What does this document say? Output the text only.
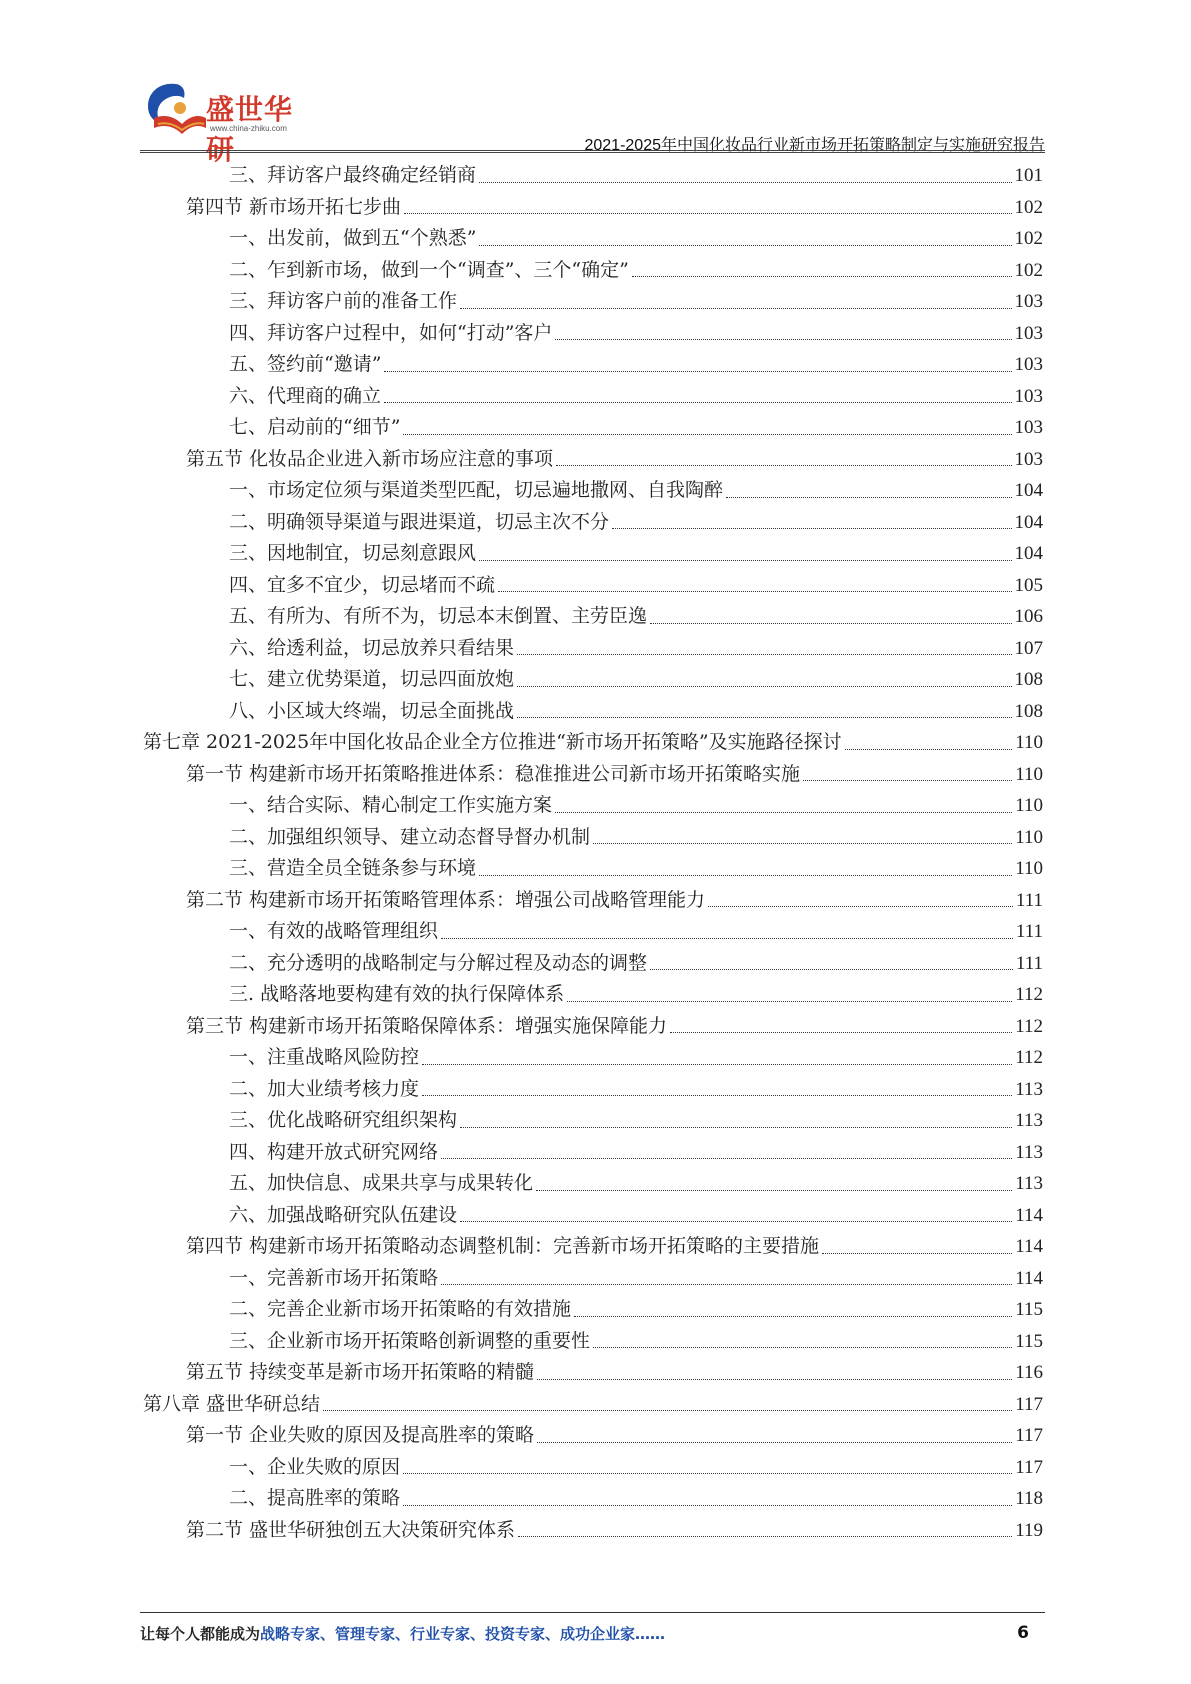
盛世华研
www.china-zhiku.com
2021-2025年中国化妆品行业新市场开拓策略制定与实施研究报告
三、拜访客户最终确定经销商	101
第四节 新市场开拓七步曲	102
一、出发前，做到五“个熟悉”	102
二、乍到新市场，做到一个“调查”、三个“确定”	102
三、拜访客户前的准备工作	103
四、拜访客户过程中，如何“打动”客户	103
五、签约前“邀请”	103
六、代理商的确立	103
七、启动前的“细节”	103
第五节 化妆品企业进入新市场应注意的事项	103
一、市场定位须与渠道类型匹配，切忌遍地撒网、自我陶醉	104
二、明确领导渠道与跟进渠道，切忌主次不分	104
三、因地制宜，切忌刻意跟风	104
四、宜多不宜少，切忌堵而不疏	105
五、有所为、有所不为，切忌本末倒置、主劳臣逸	106
六、给透利益，切忌放养只看结果	107
七、建立优势渠道，切忌四面放炮	108
八、小区域大终端，切忌全面挑战	108
第七章 2021-2025年中国化妆品企业全方位推进“新市场开拓策略”及实施路径探讨	110
第一节 构建新市场开拓策略推进体系：稳准推进公司新市场开拓策略实施	110
一、结合实际、精心制定工作实施方案	110
二、加强组织领导、建立动态督导督办机制	110
三、营造全员全链条参与环境	110
第二节 构建新市场开拓策略管理体系：增强公司战略管理能力	111
一、有效的战略管理组织	111
二、充分透明的战略制定与分解过程及动态的调整	111
三. 战略落地要构建有效的执行保障体系	112
第三节 构建新市场开拓策略保障体系：增强实施保障能力	112
一、注重战略风险防控	112
二、加大业绩考核力度	113
三、优化战略研究组织架构	113
四、构建开放式研究网络	113
五、加快信息、成果共享与成果转化	113
六、加强战略研究队伍建设	114
第四节 构建新市场开拓策略动态调整机制：完善新市场开拓策略的主要措施	114
一、完善新市场开拓策略	114
二、完善企业新市场开拓策略的有效措施	115
三、企业新市场开拓策略创新调整的重要性	115
第五节 持续变革是新市场开拓策略的精髓	116
第八章 盛世华研总结	117
第一节 企业失败的原因及提高胜率的策略	117
一、企业失败的原因	117
二、提高胜率的策略	118
第二节 盛世华研独创五大决策研究体系	119
让每个人都能成为战略专家、管理专家、行业专家、投资专家、成功企业家……	6
